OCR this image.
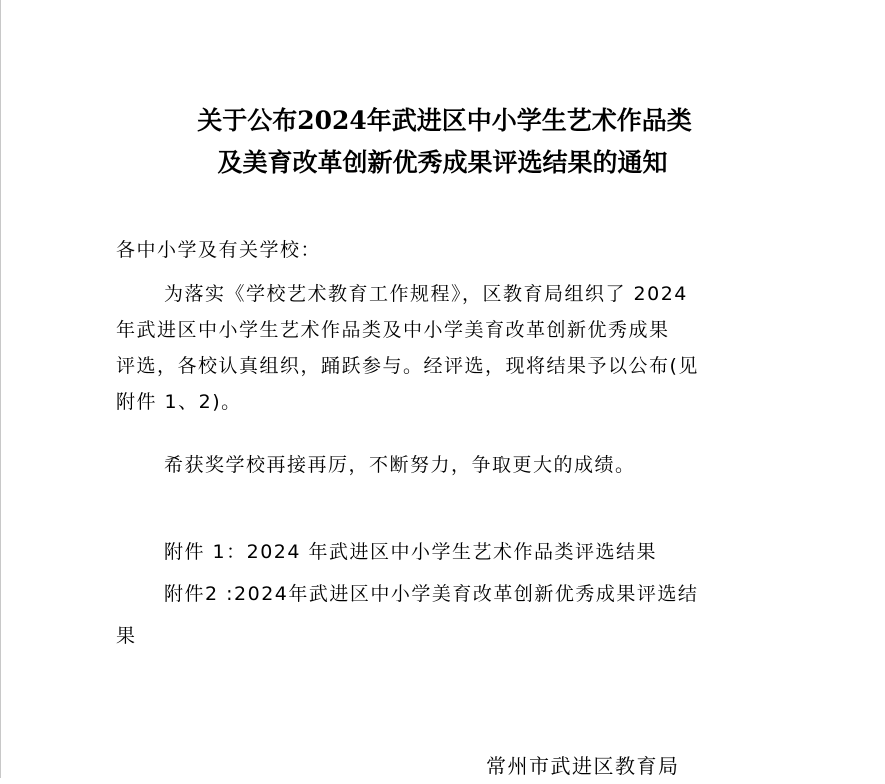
关于公布2024年武进区中小学生艺术作品类
及美育改革创新优秀成果评选结果的通知
各中小学及有关学校：
为落实《学校艺术教育工作规程》，区教育局组织了 2024
年武进区中小学生艺术作品类及中小学美育改革创新优秀成果
评选，各校认真组织，踊跃参与。经评选，现将结果予以公布(见
附件 1、2)。
希获奖学校再接再厉，不断努力，争取更大的成绩。
附件 1：2024 年武进区中小学生艺术作品类评选结果
附件2 :2024年武进区中小学美育改革创新优秀成果评选结
果
常州市武进区教育局
